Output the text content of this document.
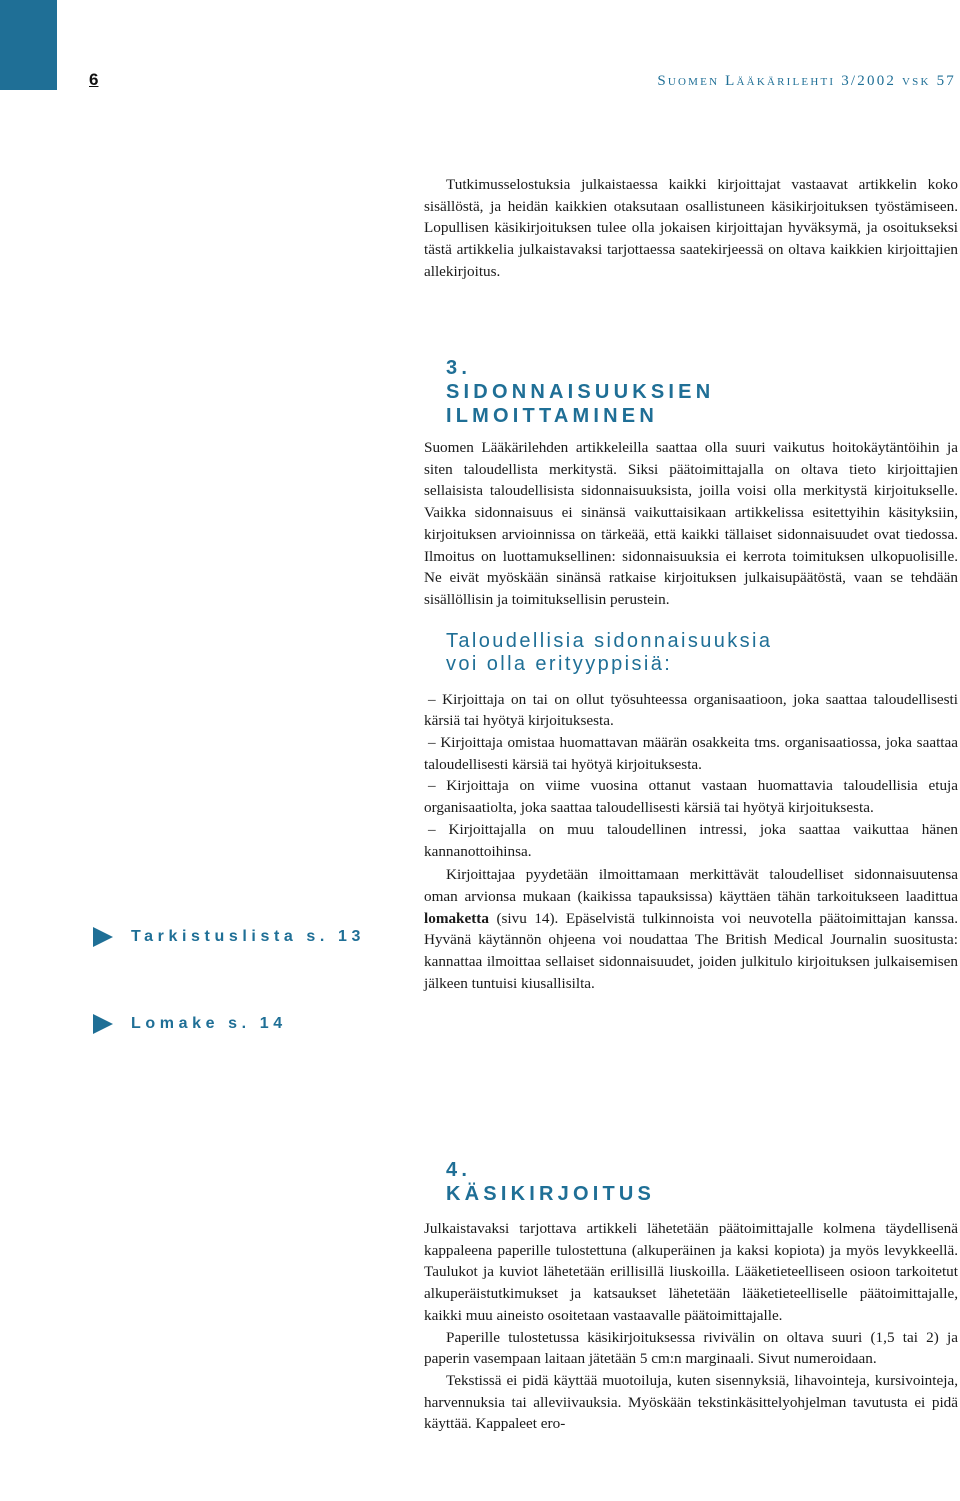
6	Suomen Lääkärilehti 3/2002 vsk 57

Tutkimusselostuksia julkaistaessa kaikki kirjoittajat vastaavat artikkelin koko sisällöstä, ja heidän kaikkien otaksutaan osallistuneen käsikirjoituksen työstämiseen. Lopullisen käsikirjoituksen tulee olla jokaisen kirjoittajan hyväksymä, ja osoitukseksi tästä artikkelia julkaistavaksi tarjottaessa saatekirjeessä on oltava kaikkien kirjoittajien allekirjoitus.

3.
SIDONNAISUUKSIEN
ILMOITTAMINEN

Suomen Lääkärilehden artikkeleilla saattaa olla suuri vaikutus hoitokäytäntöihin ja siten taloudellista merkitystä. Siksi päätoimittajalla on oltava tieto kirjoittajien sellaisista taloudellisista sidonnaisuuksista, joilla voisi olla merkitystä kirjoitukselle. Vaikka sidonnaisuus ei sinänsä vaikuttaisikaan artikkelissa esitettyihin käsityksiin, kirjoituksen arvioinnissa on tärkeää, että kaikki tällaiset sidonnaisuudet ovat tiedossa. Ilmoitus on luottamuksellinen: sidonnaisuuksia ei kerrota toimituksen ulkopuolisille. Ne eivät myöskään sinänsä ratkaise kirjoituksen julkaisupäätöstä, vaan se tehdään sisällöllisin ja toimituksellisin perustein.

Taloudellisia sidonnaisuuksia
voi olla erityyppisiä:
– Kirjoittaja on tai on ollut työsuhteessa organisaatioon, joka saattaa taloudellisesti kärsiä tai hyötyä kirjoituksesta.
– Kirjoittaja omistaa huomattavan määrän osakkeita tms. organisaatiossa, joka saattaa taloudellisesti kärsiä tai hyötyä kirjoituksesta.
– Kirjoittaja on viime vuosina ottanut vastaan huomattavia taloudellisia etuja organisaatiolta, joka saattaa taloudellisesti kärsiä tai hyötyä kirjoituksesta.
– Kirjoittajalla on muu taloudellinen intressi, joka saattaa vaikuttaa hänen kannanottoihinsa.

Kirjoittajaa pyydetään ilmoittamaan merkittävät taloudelliset sidonnaisuutensa oman arvionsa mukaan (kaikissa tapauksissa) käyttäen tähän tarkoitukseen laadittua lomaketta (sivu 14). Epäselvistä tulkinnoista voi neuvotella päätoimittajan kanssa. Hyvänä käytännön ohjeena voi noudattaa The British Medical Journalin suositusta: kannattaa ilmoittaa sellaiset sidonnaisuudet, joiden julkitulo kirjoituksen julkaisemisen jälkeen tuntuisi kiusallisilta.

Tarkistuslista s. 13
Lomake s. 14
4.
KÄSIKIRJOITUS

Julkaistavaksi tarjottava artikkeli lähetetään päätoimittajalle kolmena täydellisenä kappaleena paperille tulostettuna (alkuperäinen ja kaksi kopiota) ja myös levykkeellä. Taulukot ja kuviot lähetetään erillisillä liuskoilla. Lääketieteelliseen osioon tarkoitetut alkuperäistutkimukset ja katsaukset lähetetään lääketieteelliselle päätoimittajalle, kaikki muu aineisto osoitetaan vastaavalle päätoimittajalle.

Paperille tulostetussa käsikirjoituksessa rivivälin on oltava suuri (1,5 tai 2) ja paperin vasempaan laitaan jätetään 5 cm:n marginaali. Sivut numeroidaan.

Tekstissä ei pidä käyttää muotoiluja, kuten sisennyksiä, lihavointeja, kursivointeja, harvennuksia tai alleviivauksia. Myöskään tekstinkäsittelyohjelman tavutusta ei pidä käyttää. Kappaleet ero-
